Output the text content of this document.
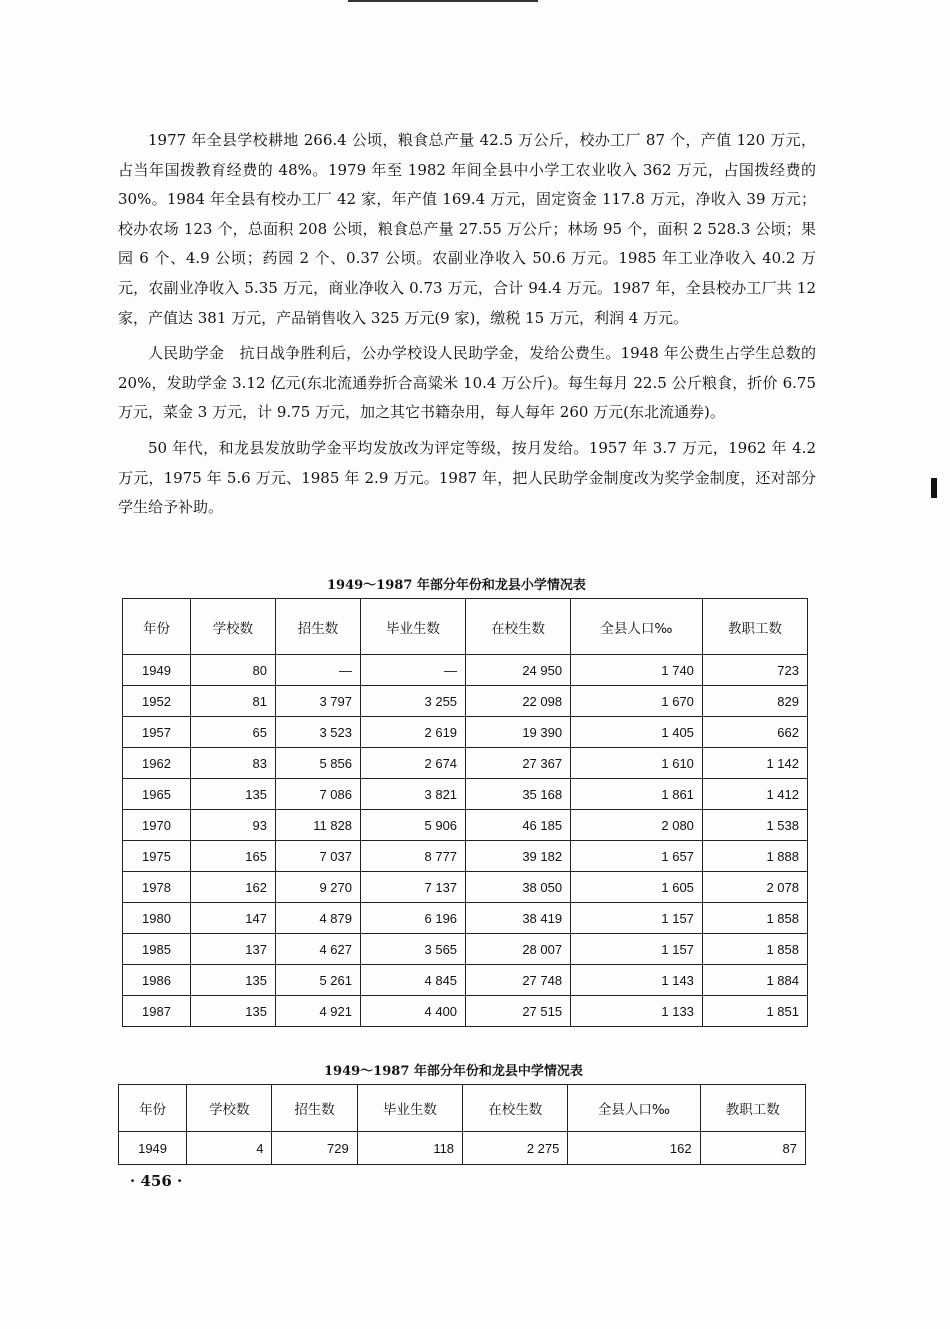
1977 年全县学校耕地 266.4 公顷，粮食总产量 42.5 万公斤，校办工厂 87 个，产值 120 万元，占当年国拨教育经费的 48%。1979 年至 1982 年间全县中小学工农业收入 362 万元，占国拨经费的 30%。1984 年全县有校办工厂 42 家，年产值 169.4 万元，固定资金 117.8 万元，净收入 39 万元；校办农场 123 个，总面积 208 公顷，粮食总产量 27.55 万公斤；林场 95 个，面积 2 528.3 公顷；果园 6 个、4.9 公顷；药园 2 个、0.37 公顷。农副业净收入 50.6 万元。1985 年工业净收入 40.2 万元，农副业净收入 5.35 万元，商业净收入 0.73 万元，合计 94.4 万元。1987 年，全县校办工厂共 12 家，产值达 381 万元，产品销售收入 325 万元(9 家)，缴税 15 万元，利润 4 万元。

人民助学金　抗日战争胜利后，公办学校设人民助学金，发给公费生。1948 年公费生占学生总数的 20%，发助学金 3.12 亿元(东北流通券折合高粱米 10.4 万公斤)。每生每月 22.5 公斤粮食，折价 6.75 万元，菜金 3 万元，计 9.75 万元，加之其它书籍杂用，每人每年 260 万元(东北流通券)。

50 年代，和龙县发放助学金平均发放改为评定等级，按月发给。1957 年 3.7 万元，1962 年 4.2 万元，1975 年 5.6 万元、1985 年 2.9 万元。1987 年，把人民助学金制度改为奖学金制度，还对部分学生给予补助。

1949～1987 年部分年份和龙县小学情况表
年份	学校数	招生数	毕业生数	在校生数	全县人口‰	教职工数
1949	80	—	—	24 950	1 740	723
1952	81	3 797	3 255	22 098	1 670	829
1957	65	3 523	2 619	19 390	1 405	662
1962	83	5 856	2 674	27 367	1 610	1 142
1965	135	7 086	3 821	35 168	1 861	1 412
1970	93	11 828	5 906	46 185	2 080	1 538
1975	165	7 037	8 777	39 182	1 657	1 888
1978	162	9 270	7 137	38 050	1 605	2 078
1980	147	4 879	6 196	38 419	1 157	1 858
1985	137	4 627	3 565	28 007	1 157	1 858
1986	135	5 261	4 845	27 748	1 143	1 884
1987	135	4 921	4 400	27 515	1 133	1 851
1949～1987 年部分年份和龙县中学情况表
年份	学校数	招生数	毕业生数	在校生数	全县人口‰	教职工数
1949	4	729	118	2 275	162	87
· 456 ·
